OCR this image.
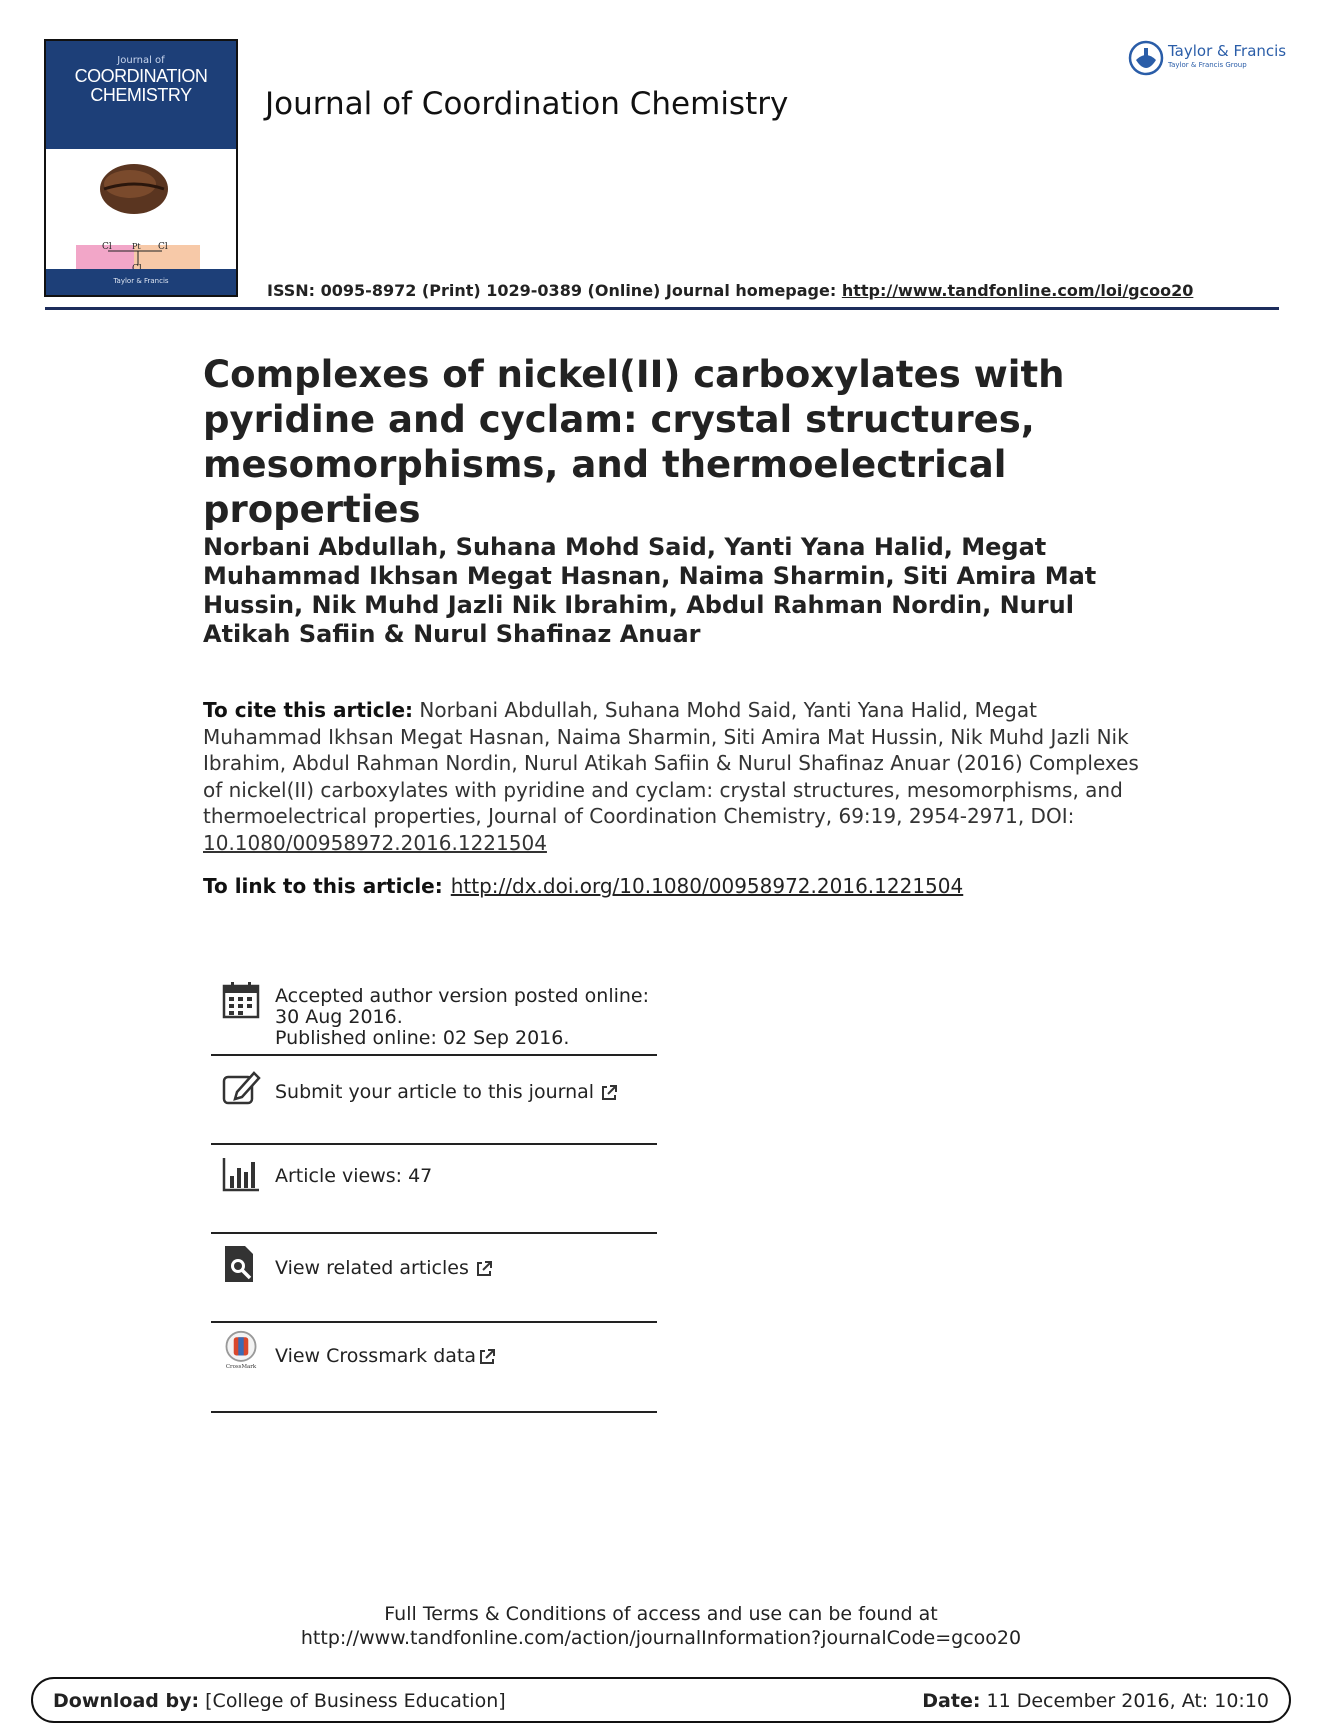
Journal of
COORDINATION
CHEMISTRY
Cl	Pt Cl
Taylor & Francis
Journal of Coordination Chemistry
ISSN: 0095-8972 (Print) 1029-0389 (Online) Journal homepage: http://www.tandfonline.com/loi/gcoo20
Taylor & Francis
Taylor & Francis Group
Complexes of nickel(II) carboxylates with pyridine and cyclam: crystal structures, mesomorphisms, and thermoelectrical properties
Norbani Abdullah, Suhana Mohd Said, Yanti Yana Halid, Megat Muhammad Ikhsan Megat Hasnan, Naima Sharmin, Siti Amira Mat Hussin, Nik Muhd Jazli Nik Ibrahim, Abdul Rahman Nordin, Nurul Atikah Safiin & Nurul Shafinaz Anuar
To cite this article: Norbani Abdullah, Suhana Mohd Said, Yanti Yana Halid, Megat Muhammad Ikhsan Megat Hasnan, Naima Sharmin, Siti Amira Mat Hussin, Nik Muhd Jazli Nik Ibrahim, Abdul Rahman Nordin, Nurul Atikah Safiin & Nurul Shafinaz Anuar (2016) Complexes of nickel(II) carboxylates with pyridine and cyclam: crystal structures, mesomorphisms, and thermoelectrical properties, Journal of Coordination Chemistry, 69:19, 2954-2971, DOI: 10.1080/00958972.2016.1221504
To link to this article: http://dx.doi.org/10.1080/00958972.2016.1221504
Accepted author version posted online: 30 Aug 2016.
Published online: 02 Sep 2016.
Submit your article to this journal
Article views: 47
View related articles
CrossMark
View Crossmark data
Full Terms & Conditions of access and use can be found at
http://www.tandfonline.com/action/journalInformation?journalCode=gcoo20
Download by: [College of Business Education]	Date: 11 December 2016, At: 10:10
